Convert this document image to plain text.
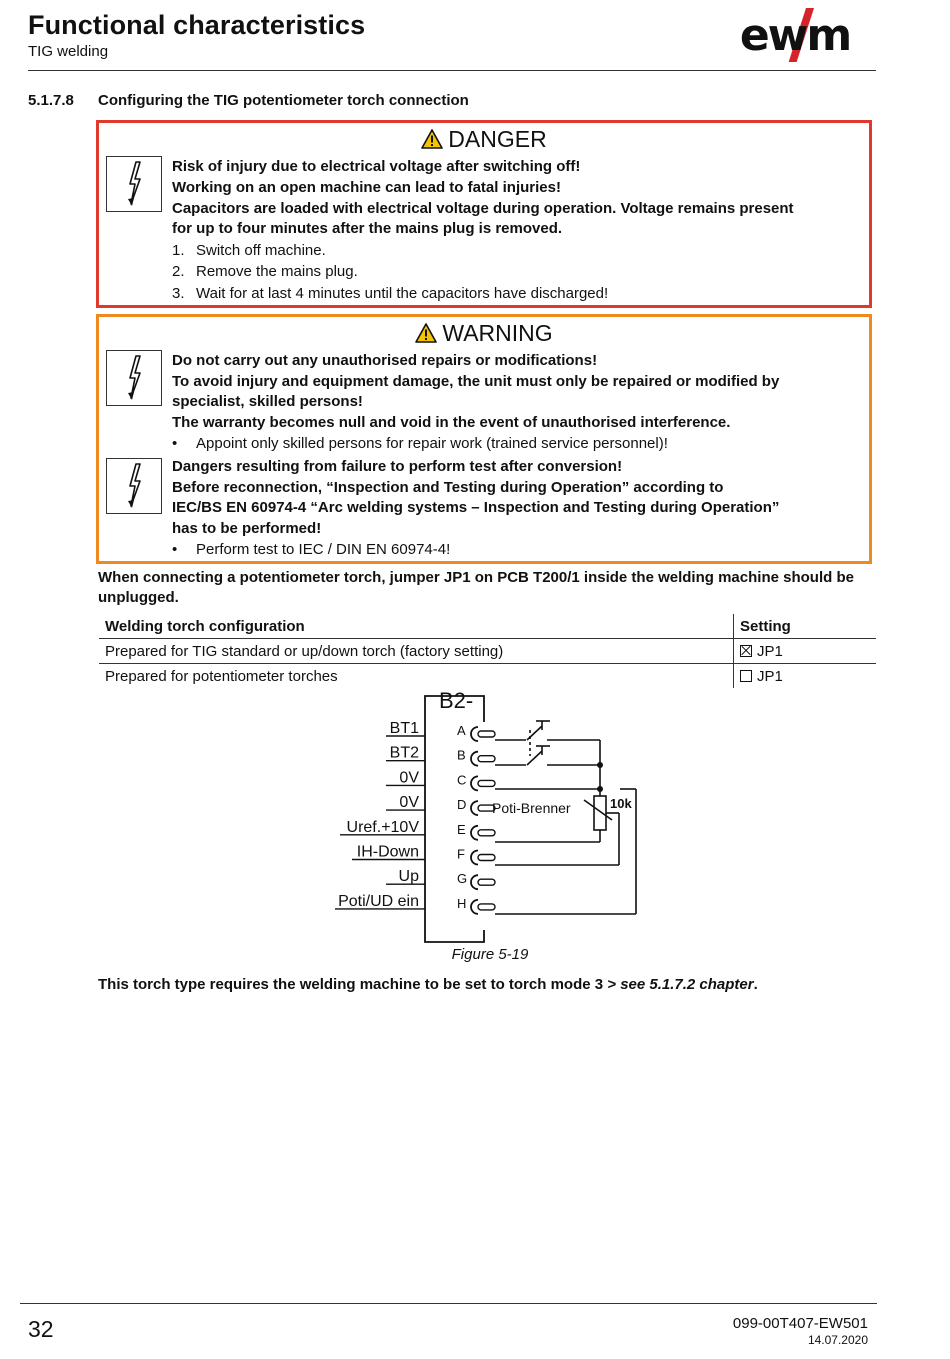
Functional characteristics
TIG welding	ewm
5.1.7.8 Configuring the TIG potentiometer torch connection
DANGER
Risk of injury due to electrical voltage after switching off!
Working on an open machine can lead to fatal injuries!
Capacitors are loaded with electrical voltage during operation. Voltage remains present
for up to four minutes after the mains plug is removed.
1. Switch off machine.
2. Remove the mains plug.
3. Wait for at last 4 minutes until the capacitors have discharged!
WARNING
Do not carry out any unauthorised repairs or modifications!
To avoid injury and equipment damage, the unit must only be repaired or modified by
specialist, skilled persons!
The warranty becomes null and void in the event of unauthorised interference.
• Appoint only skilled persons for repair work (trained service personnel)!
Dangers resulting from failure to perform test after conversion!
Before reconnection, “Inspection and Testing during Operation” according to
IEC/BS EN 60974-4 “Arc welding systems – Inspection and Testing during Operation”
has to be performed!
• Perform test to IEC / DIN EN 60974-4!
When connecting a potentiometer torch, jumper JP1 on PCB T200/1 inside the welding machine should be unplugged.
Welding torch configuration	Setting
Prepared for TIG standard or up/down torch (factory setting)	JP1
Prepared for potentiometer torches	JP1
B2-
BT1	A
BT2	B
0V	C
0V	D
Uref.+10V	E
IH-Down	F
Up	G
Poti/UD ein	H
Poti-Brenner	10k
Figure 5-19
This torch type requires the welding machine to be set to torch mode 3 > see 5.1.7.2 chapter.
32	099-00T407-EW501
14.07.2020
